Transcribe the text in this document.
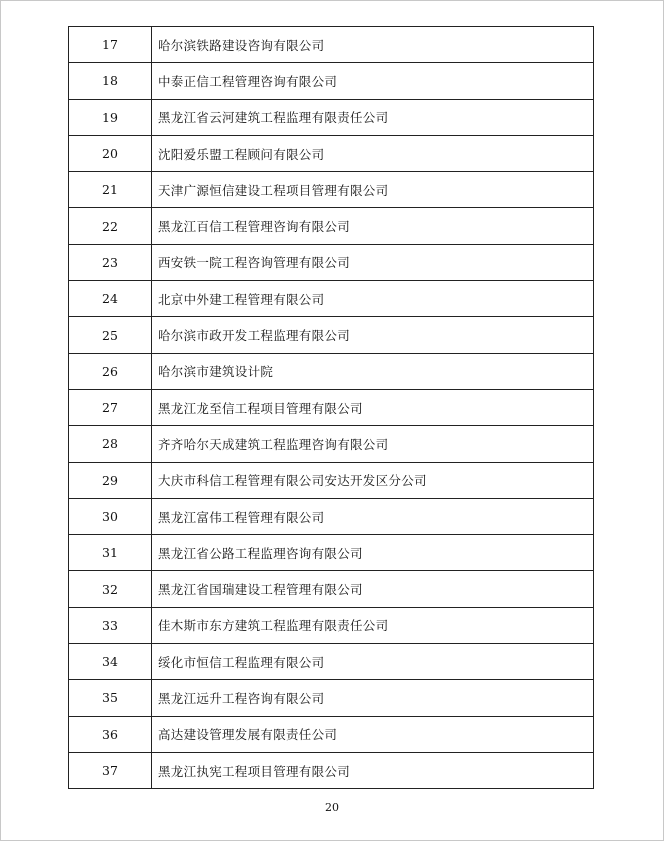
17	哈尔滨铁路建设咨询有限公司
18	中泰正信工程管理咨询有限公司
19	黑龙江省云河建筑工程监理有限责任公司
20	沈阳爱乐盟工程顾问有限公司
21	天津广源恒信建设工程项目管理有限公司
22	黑龙江百信工程管理咨询有限公司
23	西安铁一院工程咨询管理有限公司
24	北京中外建工程管理有限公司
25	哈尔滨市政开发工程监理有限公司
26	哈尔滨市建筑设计院
27	黑龙江龙至信工程项目管理有限公司
28	齐齐哈尔天成建筑工程监理咨询有限公司
29	大庆市科信工程管理有限公司安达开发区分公司
30	黑龙江富伟工程管理有限公司
31	黑龙江省公路工程监理咨询有限公司
32	黑龙江省国瑞建设工程管理有限公司
33	佳木斯市东方建筑工程监理有限责任公司
34	绥化市恒信工程监理有限公司
35	黑龙江远升工程咨询有限公司
36	高达建设管理发展有限责任公司
37	黑龙江执宪工程项目管理有限公司
20
